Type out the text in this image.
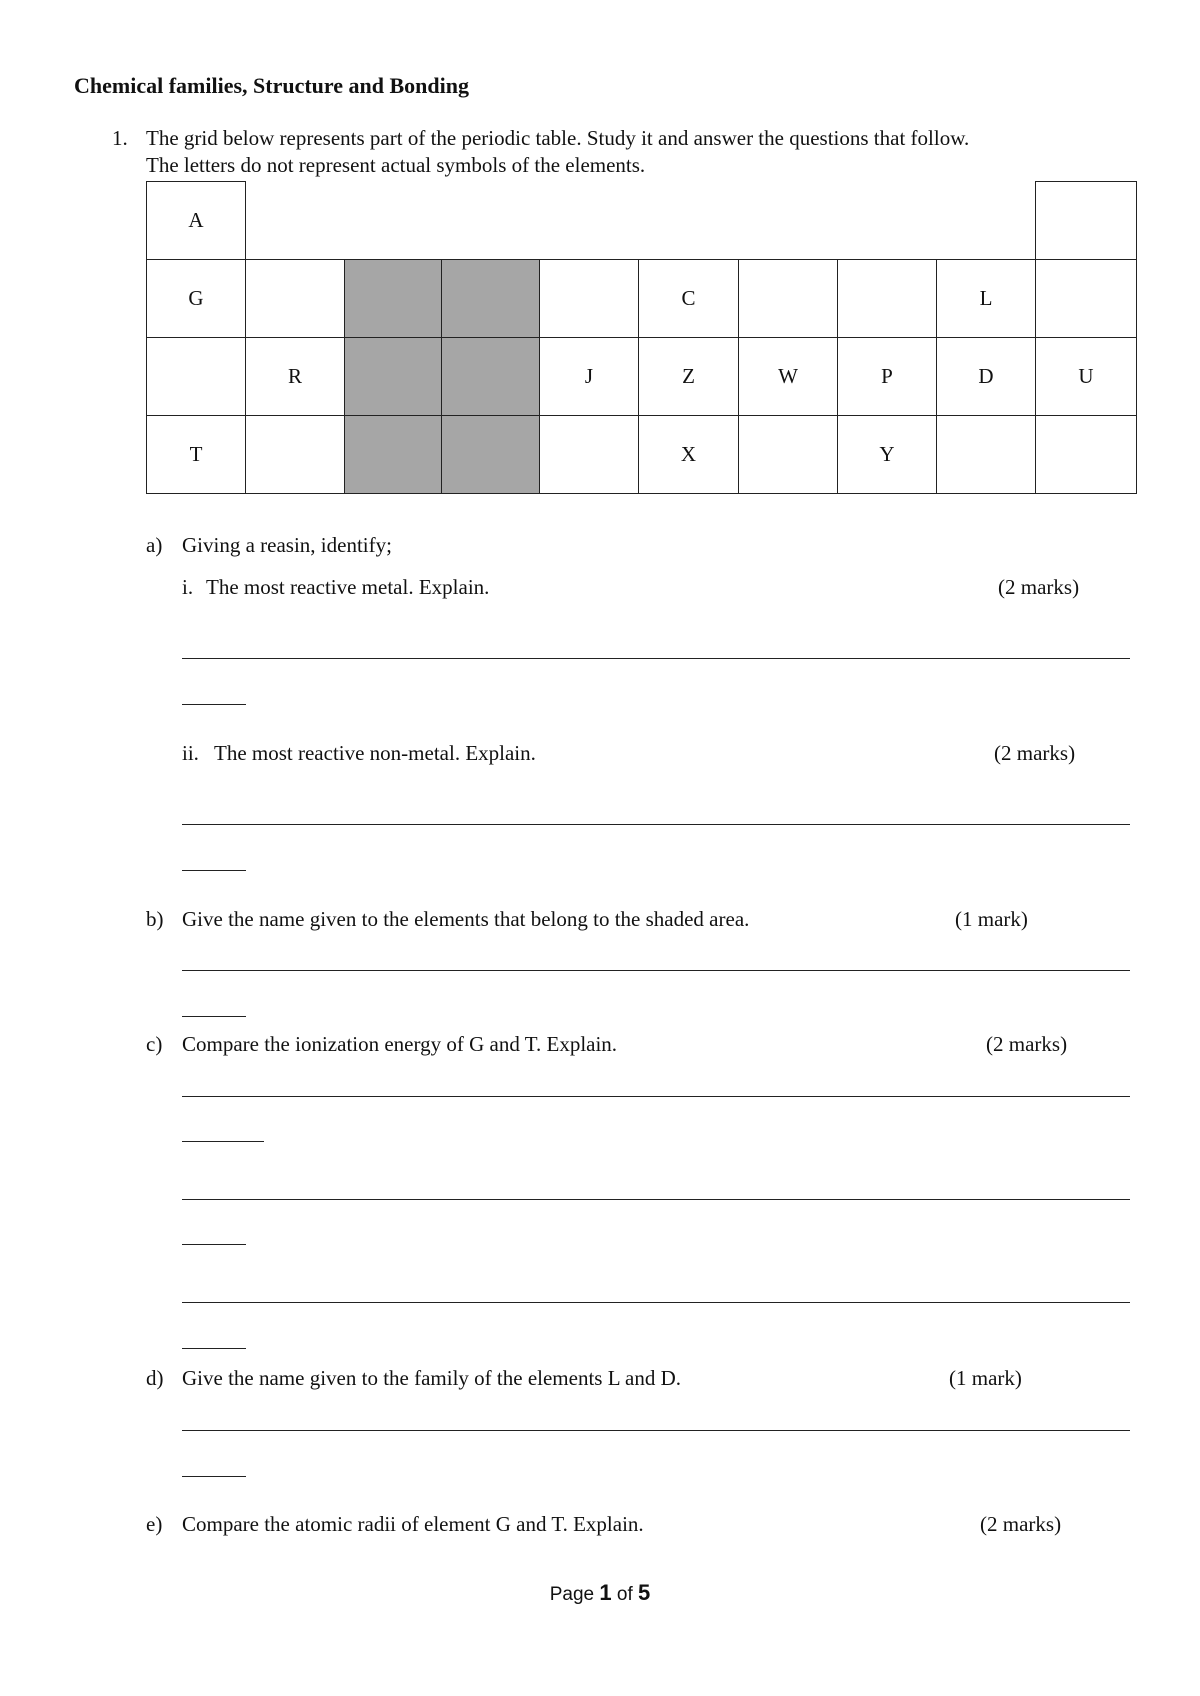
Chemical families, Structure and Bonding
1. The grid below represents part of the periodic table. Study it and answer the questions that follow.
The letters do not represent actual symbols of the elements.
A									
G					C			L	
	R			J	Z	W	P	D	U
T					X		Y		
a) Giving a reasin, identify;
i. The most reactive metal. Explain.	(2 marks)
ii. The most reactive non-metal. Explain.	(2 marks)
b) Give the name given to the elements that belong to the shaded area.	(1 mark)
c) Compare the ionization energy of G and T. Explain.	(2 marks)
d) Give the name given to the family of the elements L and D.	(1 mark)
e) Compare the atomic radii of element G and T. Explain.	(2 marks)
Page 1 of 5
